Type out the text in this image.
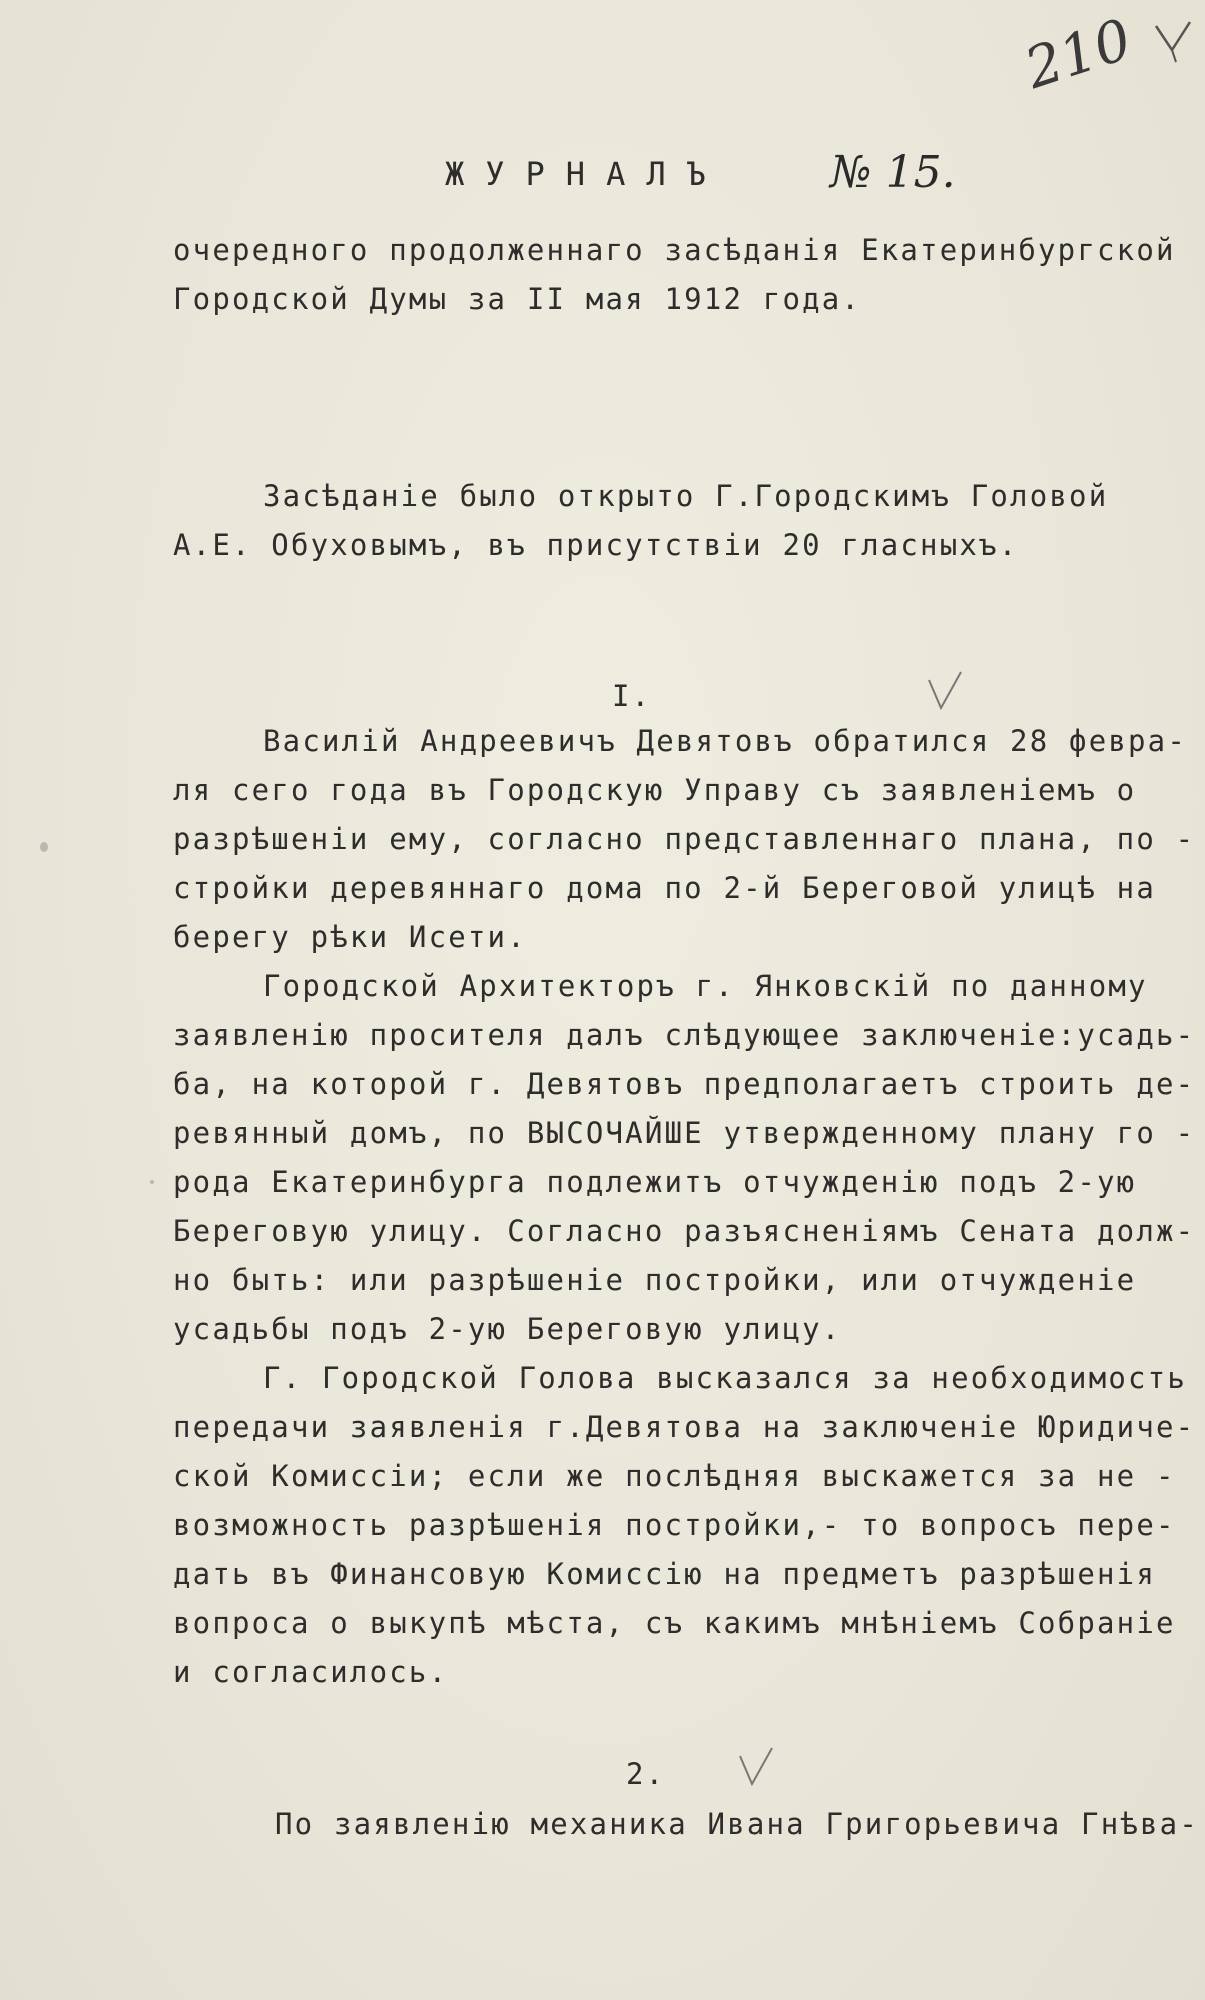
210
ЖУРНАЛЪ № 15.
очередного продолженнаго засѣданія Екатеринбургской
Городской Думы за II мая 1912 года.
Засѣданіе было открыто Г.Городскимъ Головой
А.Е. Обуховымъ, въ присутствіи 20 гласныхъ.
I.
Василій Андреевичъ Девятовъ обратился 28 февра-
ля сего года въ Городскую Управу съ заявленіемъ о
разрѣшеніи ему, согласно представленнаго плана, по -
стройки деревяннаго дома по 2-й Береговой улицѣ на
берегу рѣки Исети.
Городской Архитекторъ г. Янковскій по данному
заявленію просителя далъ слѣдующее заключеніе:усадь-
ба, на которой г. Девятовъ предполагаетъ строить де-
ревянный домъ, по ВЫСОЧАЙШЕ утвержденному плану го -
рода Екатеринбурга подлежитъ отчужденію подъ 2-ую
Береговую улицу. Согласно разъясненіямъ Сената долж-
но быть: или разрѣшеніе постройки, или отчужденіе
усадьбы подъ 2-ую Береговую улицу.
Г. Городской Голова высказался за необходимость
передачи заявленія г.Девятова на заключеніе Юридиче-
ской Комиссіи; если же послѣдняя выскажется за не -
возможность разрѣшенія постройки,- то вопросъ пере-
дать въ Финансовую Комиссію на предметъ разрѣшенія
вопроса о выкупѣ мѣста, съ какимъ мнѣніемъ Собраніе
и согласилось.
2.
По заявленію механика Ивана Григорьевича Гнѣва-
